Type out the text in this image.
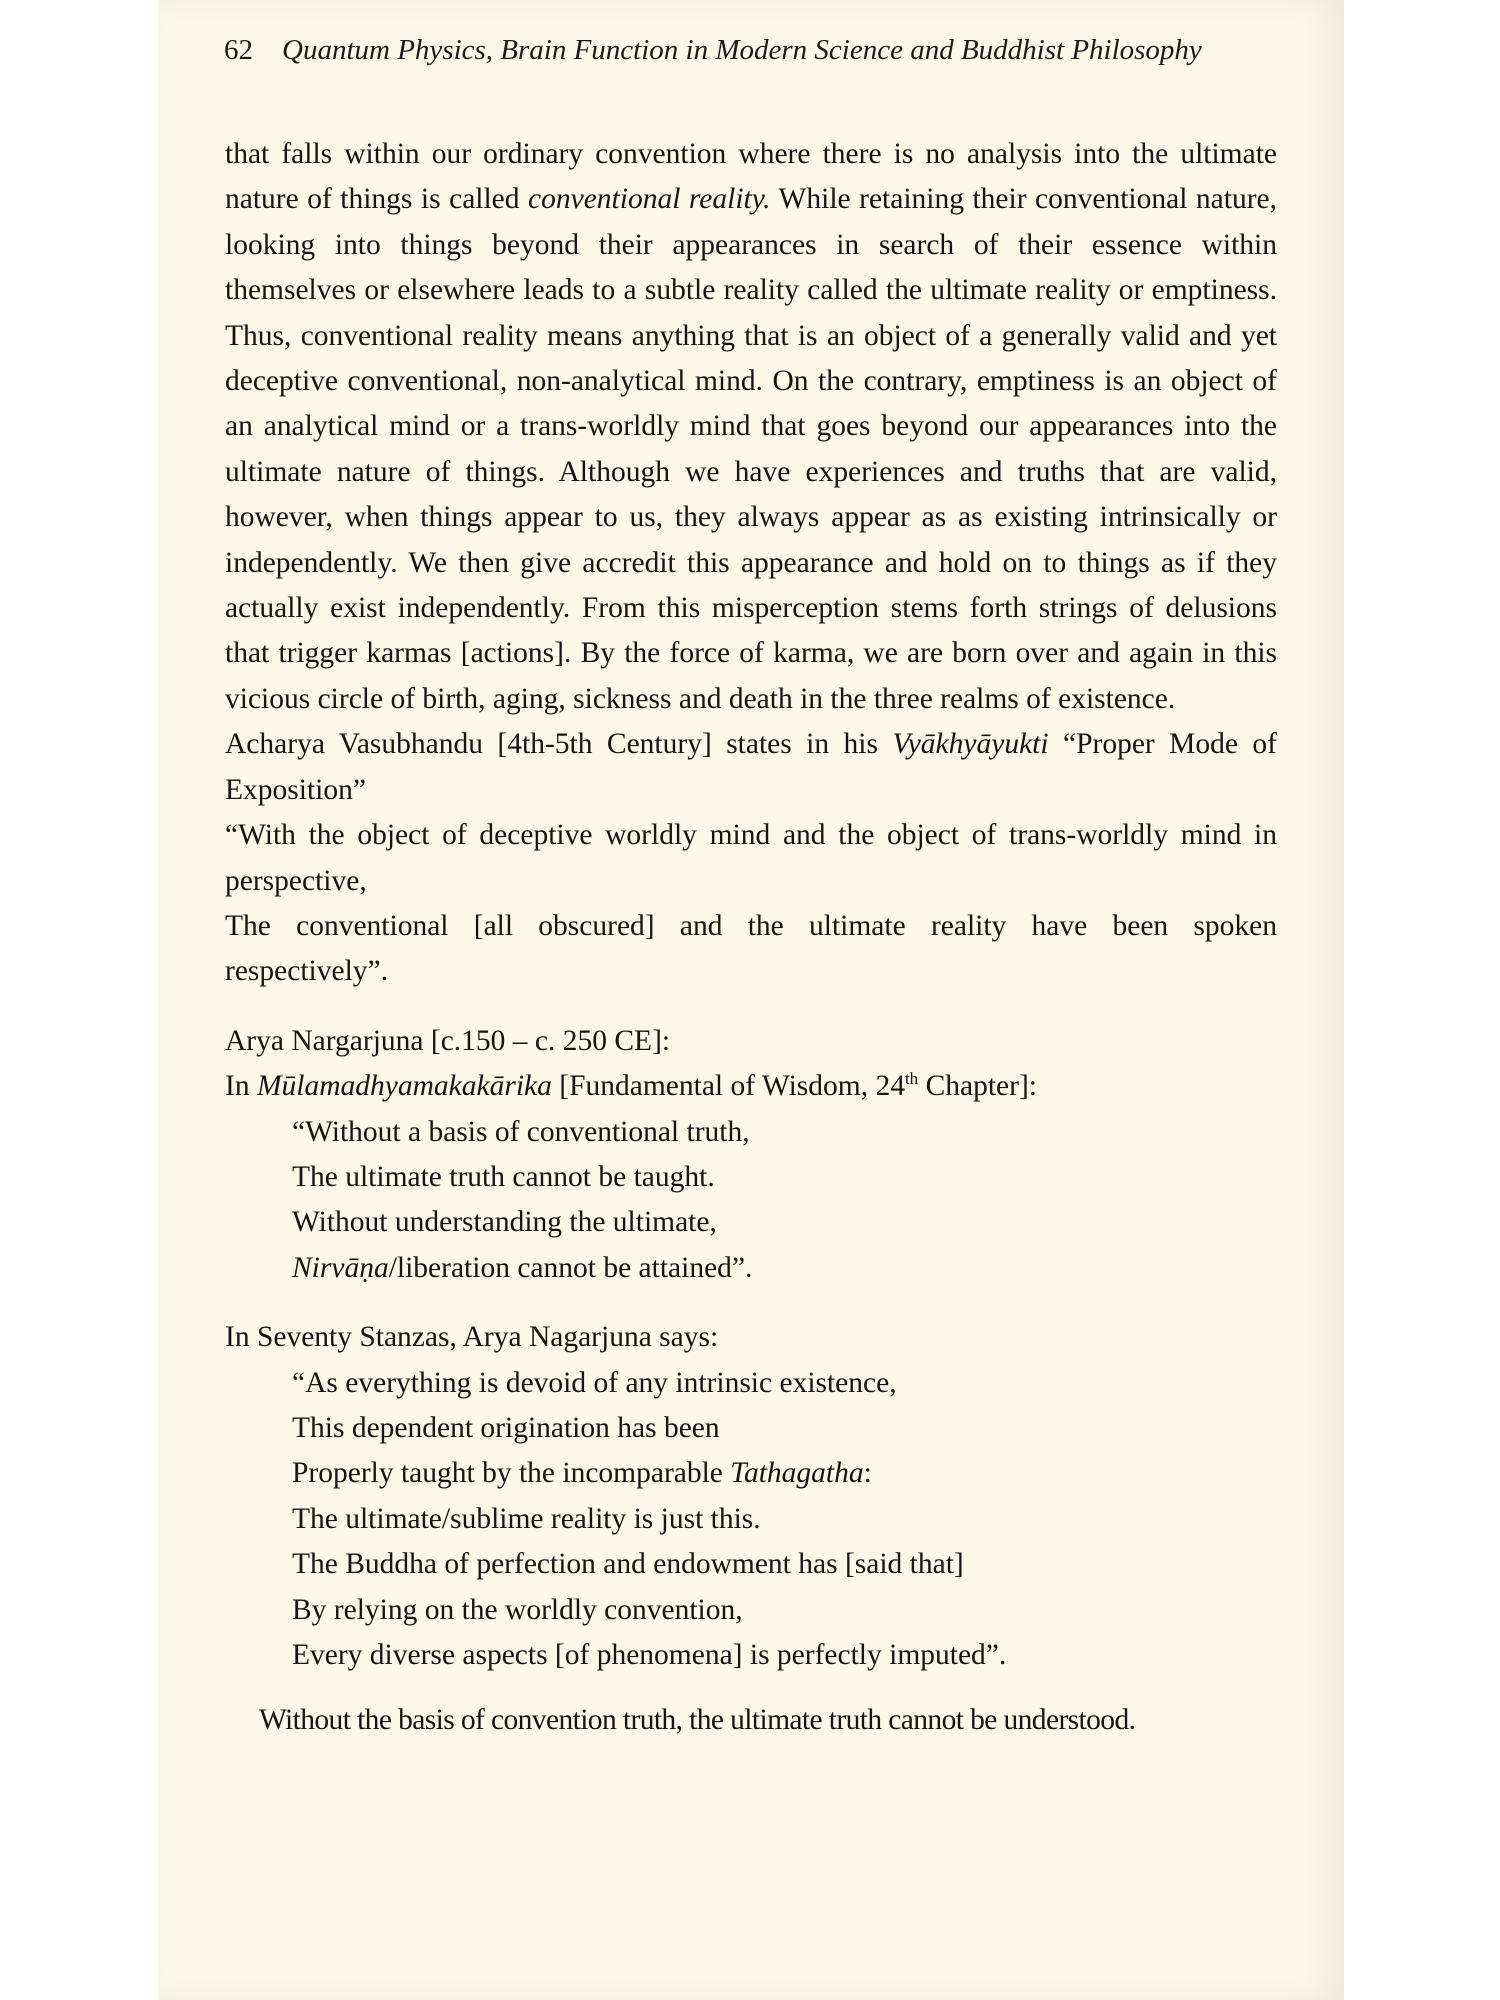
62 Quantum Physics, Brain Function in Modern Science and Buddhist Philosophy

that falls within our ordinary convention where there is no analysis into the ultimate nature of things is called conventional reality. While retaining their conventional nature, looking into things beyond their appearances in search of their essence within themselves or elsewhere leads to a subtle reality called the ultimate reality or emptiness. Thus, conventional reality means anything that is an object of a generally valid and yet deceptive conventional, non-analytical mind. On the contrary, emptiness is an object of an analytical mind or a trans-worldly mind that goes beyond our appearances into the ultimate nature of things. Although we have experiences and truths that are valid, however, when things appear to us, they always appear as as existing intrinsically or independently. We then give accredit this appearance and hold on to things as if they actually exist independently. From this misperception stems forth strings of delusions that trigger karmas [actions]. By the force of karma, we are born over and again in this vicious circle of birth, aging, sickness and death in the three realms of existence.

Acharya Vasubhandu [4th-5th Century] states in his Vyākhyāyukti “Proper Mode of Exposition”

“With the object of deceptive worldly mind and the object of trans-worldly mind in perspective,

The conventional [all obscured] and the ultimate reality have been spoken respectively”.

Arya Nargarjuna [c.150 – c. 250 CE]:
In Mūlamadhyamakakārika [Fundamental of Wisdom, 24th Chapter]:
“Without a basis of conventional truth,
The ultimate truth cannot be taught.
Without understanding the ultimate,
Nirvāṇa/liberation cannot be attained”.
In Seventy Stanzas, Arya Nagarjuna says:
“As everything is devoid of any intrinsic existence,
This dependent origination has been
Properly taught by the incomparable Tathagatha:
The ultimate/sublime reality is just this.
The Buddha of perfection and endowment has [said that]
By relying on the worldly convention,
Every diverse aspects [of phenomena] is perfectly imputed”.
Without the basis of convention truth, the ultimate truth cannot be understood.
